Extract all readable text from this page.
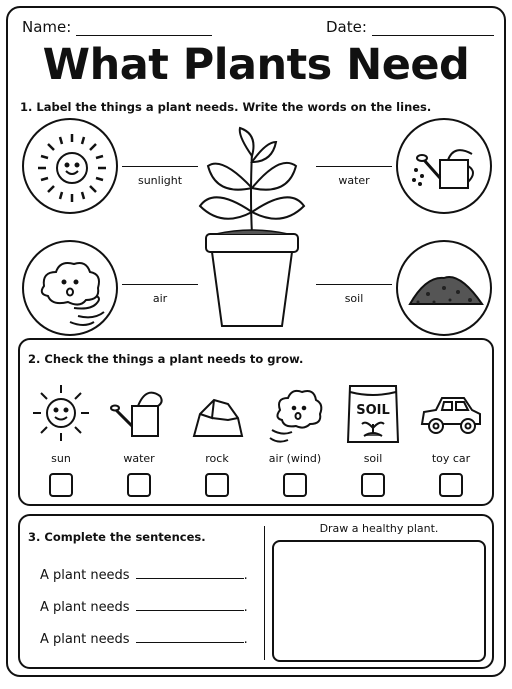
Name:	Date:
What Plants Need
1. Label the things a plant needs. Write the words on the lines.
sunlight	water
air	soil
2. Check the things a plant needs to grow.
sun	water	rock	air (wind)
SOIL
soil	toy car
3. Complete the sentences.
A plant needs	.
A plant needs	.
A plant needs	.
Draw a healthy plant.
